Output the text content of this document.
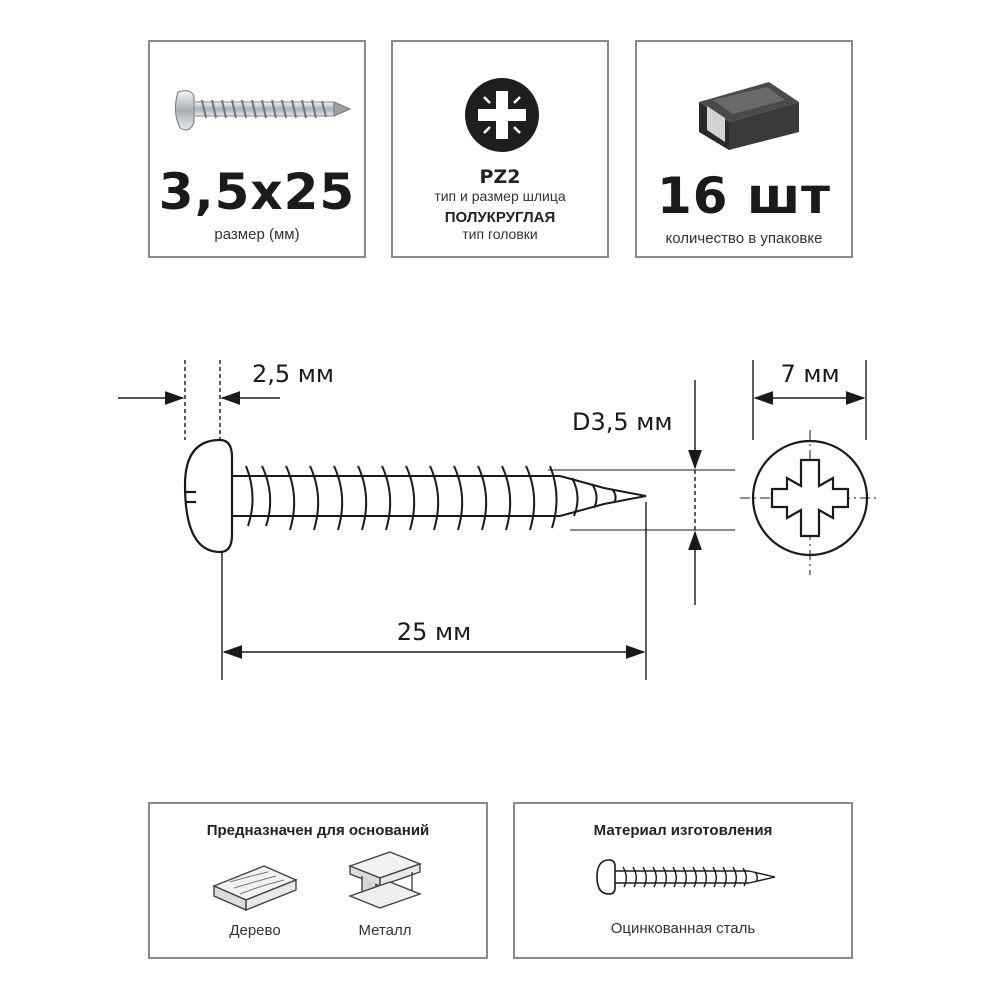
3,5x25
размер (мм)
PZ2
тип и размер шлица
ПОЛУКРУГЛАЯ
тип головки
16 шт
количество в упаковке
2,5 мм
25 мм
D3,5 мм
7 мм
Предназначен для оснований
Дерево	Металл
Материал изготовления
Оцинкованная сталь
